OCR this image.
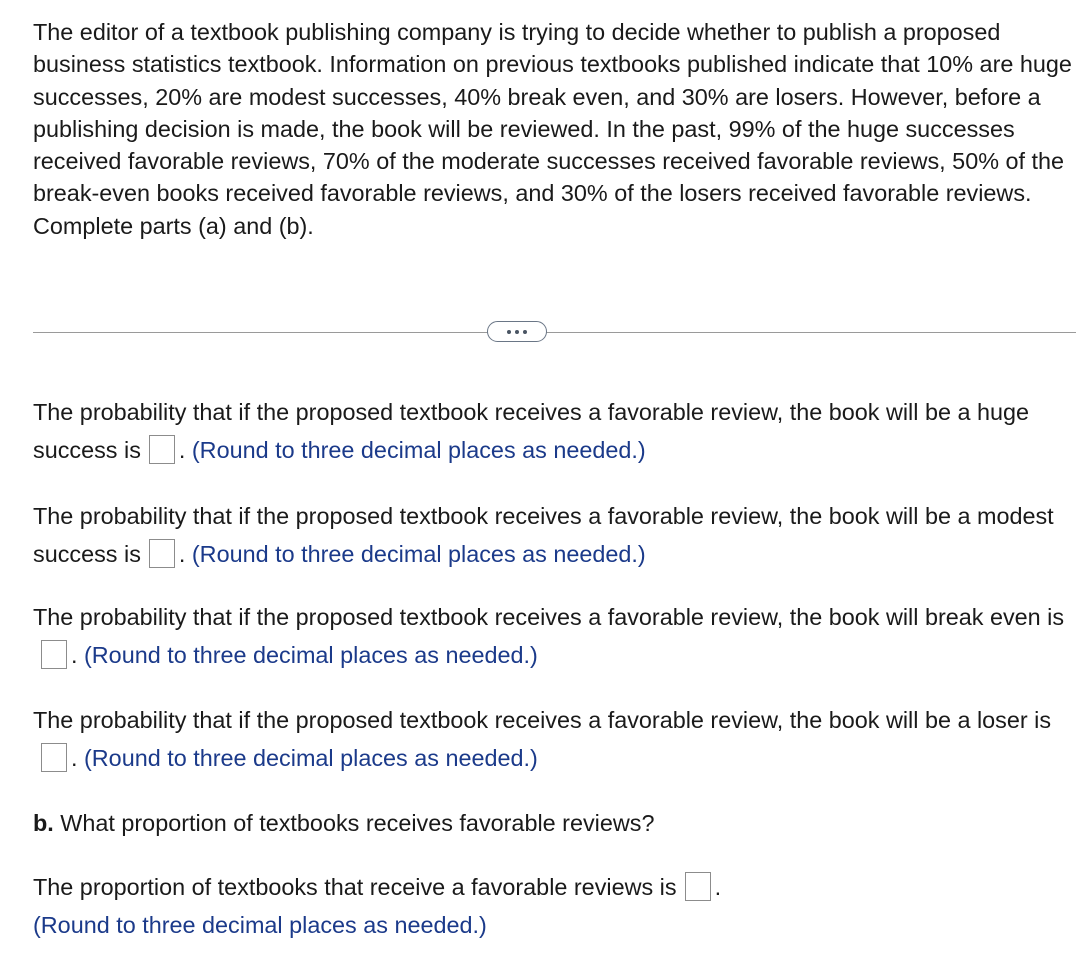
The editor of a textbook publishing company is trying to decide whether to publish a proposed business statistics textbook. Information on previous textbooks published indicate that 10% are huge successes, 20% are modest successes, 40% break even, and 30% are losers. However, before a publishing decision is made, the book will be reviewed. In the past, 99% of the huge successes received favorable reviews, 70% of the moderate successes received favorable reviews, 50% of the break-even books received favorable reviews, and 30% of the losers received favorable reviews. Complete parts (a) and (b).

The probability that if the proposed textbook receives a favorable review, the book will be a huge success is . (Round to three decimal places as needed.)

The probability that if the proposed textbook receives a favorable review, the book will be a modest success is . (Round to three decimal places as needed.)

The probability that if the proposed textbook receives a favorable review, the book will break even is. (Round to three decimal places as needed.)

The probability that if the proposed textbook receives a favorable review, the book will be a loser is. (Round to three decimal places as needed.)

b. What proportion of textbooks receives favorable reviews?

The proportion of textbooks that receive a favorable reviews is .
(Round to three decimal places as needed.)
